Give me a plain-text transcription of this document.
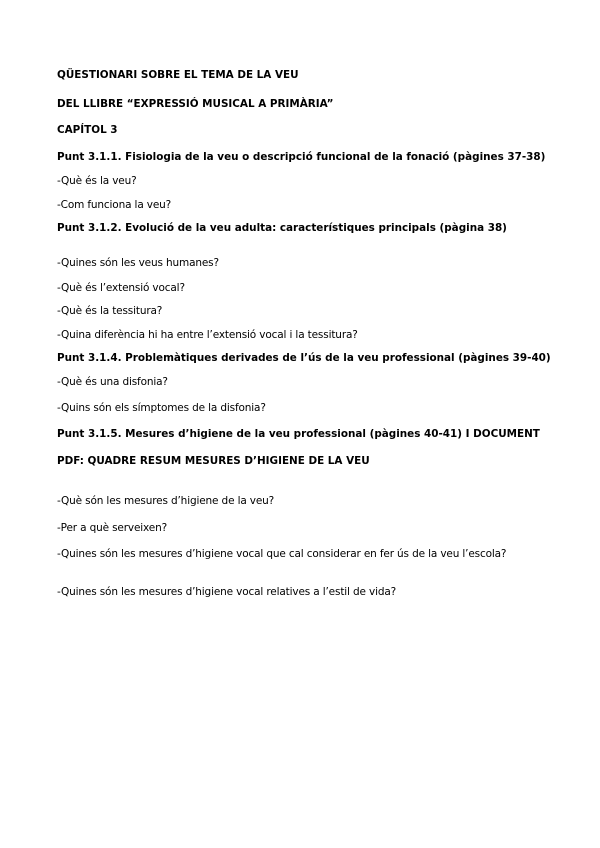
QÜESTIONARI SOBRE EL TEMA DE LA VEU
DEL LLIBRE “EXPRESSIÓ MUSICAL A PRIMÀRIA”
CAPÍTOL 3
Punt 3.1.1. Fisiologia de la veu o descripció funcional de la fonació (pàgines 37-38)
-Què és la veu?
-Com funciona la veu?
Punt 3.1.2. Evolució de la veu adulta: característiques principals (pàgina 38)
-Quines són les veus humanes?
-Què és l’extensió vocal?
-Què és la tessitura?
-Quina diferència hi ha entre l’extensió vocal i la tessitura?
Punt 3.1.4. Problemàtiques derivades de l’ús de la veu professional (pàgines 39-40)
-Què és una disfonia?
-Quins són els símptomes de la disfonia?
Punt 3.1.5. Mesures d’higiene de la veu professional (pàgines 40-41) I DOCUMENT
PDF: QUADRE RESUM MESURES D’HIGIENE DE LA VEU
-Què són les mesures d’higiene de la veu?
-Per a què serveixen?
-Quines són les mesures d’higiene vocal que cal considerar en fer ús de la veu l’escola?
-Quines són les mesures d’higiene vocal relatives a l’estil de vida?
